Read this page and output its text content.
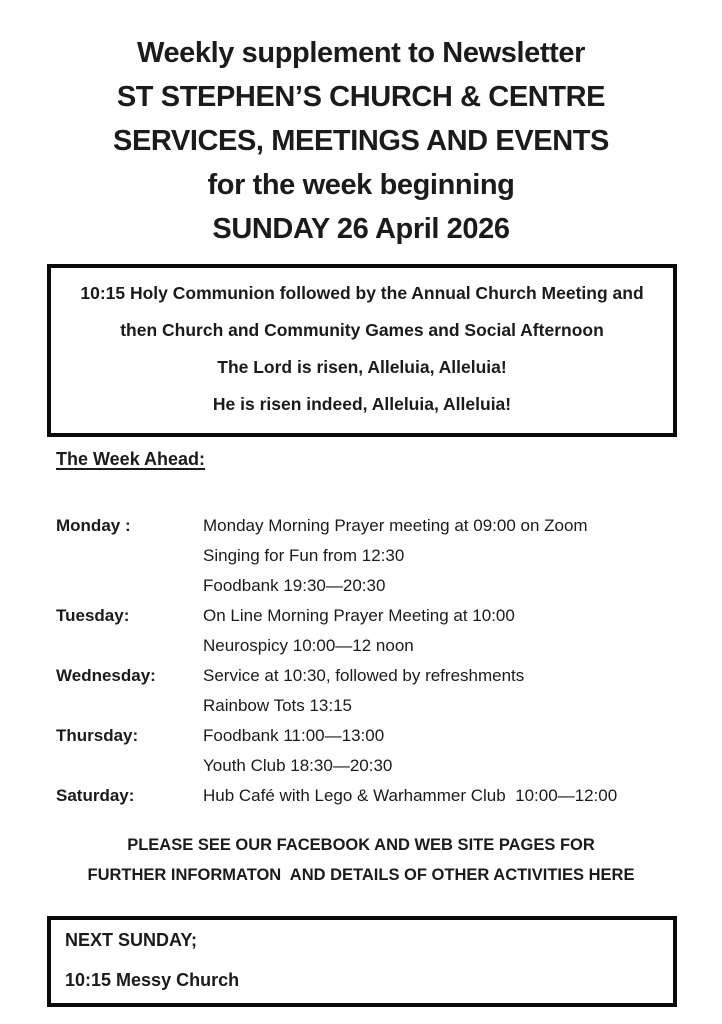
Weekly supplement to Newsletter
ST STEPHEN’S CHURCH & CENTRE
SERVICES, MEETINGS AND EVENTS
for the week beginning
SUNDAY 26 April 2026

10:15 Holy Communion followed by the Annual Church Meeting and

then Church and Community Games and Social Afternoon

The Lord is risen, Alleluia, Alleluia!

He is risen indeed, Alleluia, Alleluia!

The Week Ahead:
Monday :	Monday Morning Prayer meeting at 09:00 on Zoom
Singing for Fun from 12:30
Foodbank 19:30—20:30
Tuesday:	On Line Morning Prayer Meeting at 10:00
Neurospicy 10:00—12 noon
Wednesday:	Service at 10:30, followed by refreshments
Rainbow Tots 13:15
Thursday:	Foodbank 11:00—13:00
Youth Club 18:30—20:30
Saturday:	Hub Café with Lego & Warhammer Club  10:00—12:00

PLEASE SEE OUR FACEBOOK AND WEB SITE PAGES FOR

FURTHER INFORMATON  AND DETAILS OF OTHER ACTIVITIES HERE

NEXT SUNDAY;

10:15 Messy Church
